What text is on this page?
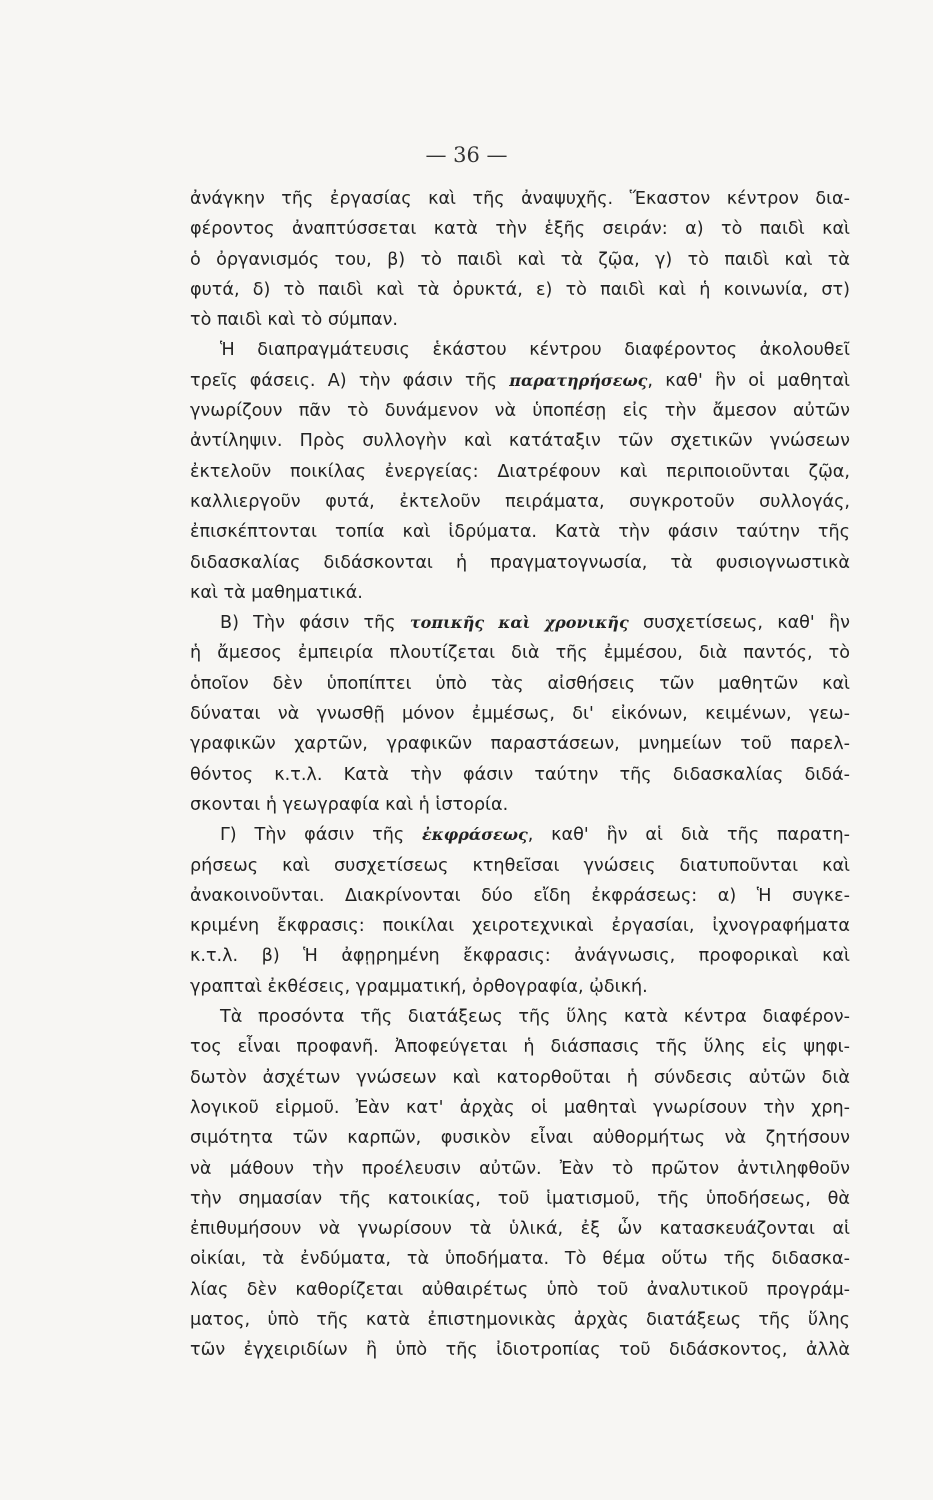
— 36 —
ἀνάγκην τῆς ἐργασίας καὶ τῆς ἀναψυχῆς. Ἕκαστον κέντρον δια-
φέροντος ἀναπτύσσεται κατὰ τὴν ἑξῆς σειράν: α) τὸ παιδὶ καὶ
ὁ ὀργανισμός του, β) τὸ παιδὶ καὶ τὰ ζῷα, γ) τὸ παιδὶ καὶ τὰ
φυτά, δ) τὸ παιδὶ καὶ τὰ ὀρυκτά, ε) τὸ παιδὶ καὶ ἡ κοινωνία, στ)
τὸ παιδὶ καὶ τὸ σύμπαν.
Ἡ διαπραγμάτευσις ἑκάστου κέντρου διαφέροντος ἀκολουθεῖ
τρεῖς φάσεις. Α) τὴν φάσιν τῆς παρατηρήσεως, καθ' ἣν οἱ μαθηταὶ
γνωρίζουν πᾶν τὸ δυνάμενον νὰ ὑποπέσῃ εἰς τὴν ἄμεσον αὐτῶν
ἀντίληψιν. Πρὸς συλλογὴν καὶ κατάταξιν τῶν σχετικῶν γνώσεων
ἐκτελοῦν ποικίλας ἐνεργείας: Διατρέφουν καὶ περιποιοῦνται ζῷα,
καλλιεργοῦν φυτά, ἐκτελοῦν πειράματα, συγκροτοῦν συλλογάς,
ἐπισκέπτονται τοπία καὶ ἱδρύματα. Κατὰ τὴν φάσιν ταύτην τῆς
διδασκαλίας διδάσκονται ἡ πραγματογνωσία, τὰ φυσιογνωστικὰ
καὶ τὰ μαθηματικά.
Β) Τὴν φάσιν τῆς τοπικῆς καὶ χρονικῆς συσχετίσεως, καθ' ἣν
ἡ ἄμεσος ἐμπειρία πλουτίζεται διὰ τῆς ἐμμέσου, διὰ παντός, τὸ
ὁποῖον δὲν ὑποπίπτει ὑπὸ τὰς αἰσθήσεις τῶν μαθητῶν καὶ
δύναται νὰ γνωσθῇ μόνον ἐμμέσως, δι' εἰκόνων, κειμένων, γεω-
γραφικῶν χαρτῶν, γραφικῶν παραστάσεων, μνημείων τοῦ παρελ-
θόντος κ.τ.λ. Κατὰ τὴν φάσιν ταύτην τῆς διδασκαλίας διδά-
σκονται ἡ γεωγραφία καὶ ἡ ἱστορία.
Γ) Τὴν φάσιν τῆς ἐκφράσεως, καθ' ἣν αἱ διὰ τῆς παρατη-
ρήσεως καὶ συσχετίσεως κτηθεῖσαι γνώσεις διατυποῦνται καὶ
ἀνακοινοῦνται. Διακρίνονται δύο εἴδη ἐκφράσεως: α) Ἡ συγκε-
κριμένη ἔκφρασις: ποικίλαι χειροτεχνικαὶ ἐργασίαι, ἰχνογραφήματα
κ.τ.λ. β) Ἡ ἀφῃρημένη ἔκφρασις: ἀνάγνωσις, προφορικαὶ καὶ
γραπταὶ ἐκθέσεις, γραμματική, ὀρθογραφία, ᾠδική.
Τὰ προσόντα τῆς διατάξεως τῆς ὕλης κατὰ κέντρα διαφέρον-
τος εἶναι προφανῆ. Ἀποφεύγεται ἡ διάσπασις τῆς ὕλης εἰς ψηφι-
δωτὸν ἀσχέτων γνώσεων καὶ κατορθοῦται ἡ σύνδεσις αὐτῶν διὰ
λογικοῦ εἱρμοῦ. Ἐὰν κατ' ἀρχὰς οἱ μαθηταὶ γνωρίσουν τὴν χρη-
σιμότητα τῶν καρπῶν, φυσικὸν εἶναι αὐθορμήτως νὰ ζητήσουν
νὰ μάθουν τὴν προέλευσιν αὐτῶν. Ἐὰν τὸ πρῶτον ἀντιληφθοῦν
τὴν σημασίαν τῆς κατοικίας, τοῦ ἱματισμοῦ, τῆς ὑποδήσεως, θὰ
ἐπιθυμήσουν νὰ γνωρίσουν τὰ ὑλικά, ἐξ ὧν κατασκευάζονται αἱ
οἰκίαι, τὰ ἐνδύματα, τὰ ὑποδήματα. Τὸ θέμα οὕτω τῆς διδασκα-
λίας δὲν καθορίζεται αὐθαιρέτως ὑπὸ τοῦ ἀναλυτικοῦ προγράμ-
ματος, ὑπὸ τῆς κατὰ ἐπιστημονικὰς ἀρχὰς διατάξεως τῆς ὕλης
τῶν ἐγχειριδίων ἢ ὑπὸ τῆς ἰδιοτροπίας τοῦ διδάσκοντος, ἀλλὰ
